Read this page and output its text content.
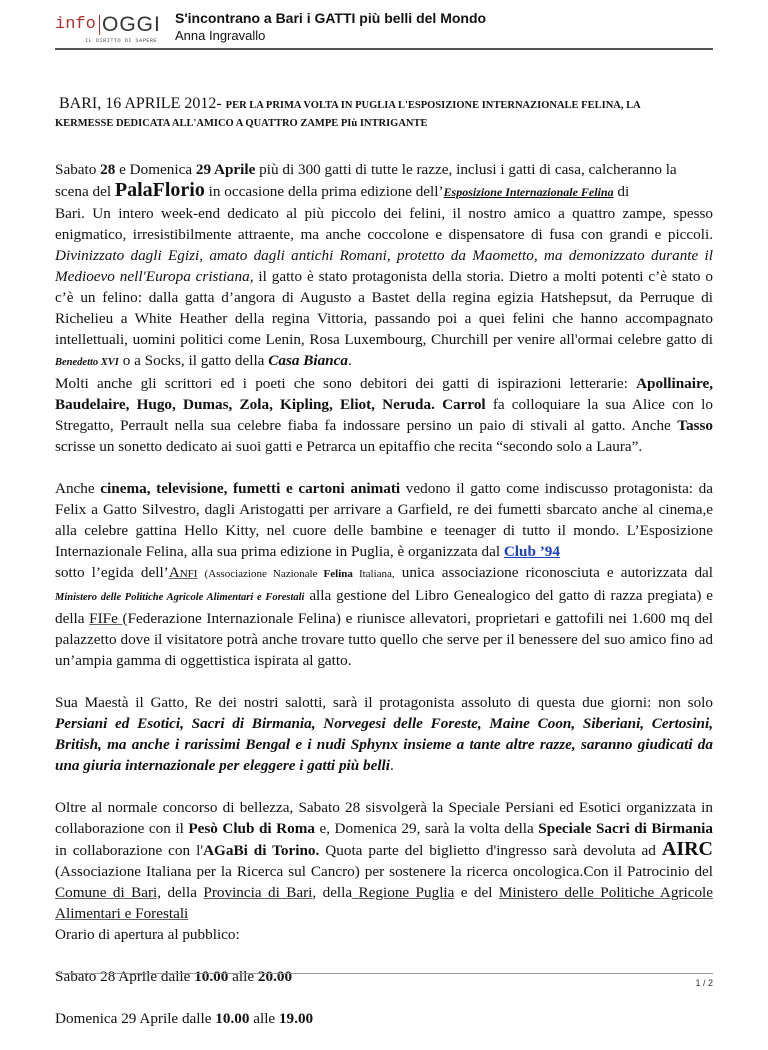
info OGGI
IL DIRITTO DI SAPERE
S'incontrano a Bari i GATTI più belli del Mondo
Anna Ingravallo
BARI, 16 APRILE 2012- PER LA PRIMA VOLTA IN PUGLIA L'ESPOSIZIONE INTERNAZIONALE FELINA, LA
KERMESSE DEDICATA ALL'AMICO A QUATTRO ZAMPE PIù INTRIGANTE

Sabato 28 e Domenica 29 Aprile più di 300 gatti di tutte le razze, inclusi i gatti di casa, calcheranno la
scena del PalaFlorio in occasione della prima edizione dell’Esposizione Internazionale Felina di
Bari. Un intero week-end dedicato al più piccolo dei felini, il nostro amico a quattro zampe, spesso enigmatico, irresistibilmente attraente, ma anche coccolone e dispensatore di fusa con grandi e piccoli. Divinizzato dagli Egizi, amato dagli antichi Romani, protetto da Maometto, ma demonizzato durante il Medioevo nell'Europa cristiana, il gatto è stato protagonista della storia. Dietro a molti potenti c’è stato o c’è un felino: dalla gatta d’angora di Augusto a Bastet della regina egizia Hatshepsut, da Perruque di Richelieu a White Heather della regina Vittoria, passando poi a quei felini che hanno accompagnato intellettuali, uomini politici come Lenin, Rosa Luxembourg, Churchill per venire all'ormai celebre gatto di Benedetto XVI o a Socks, il gatto della Casa Bianca.
Molti anche gli scrittori ed i poeti che sono debitori dei gatti di ispirazioni letterarie: Apollinaire, Baudelaire, Hugo, Dumas, Zola, Kipling, Eliot, Neruda. Carrol fa colloquiare la sua Alice con lo Stregatto, Perrault nella sua celebre fiaba fa indossare persino un paio di stivali al gatto. Anche Tasso scrisse un sonetto dedicato ai suoi gatti e Petrarca un epitaffio che recita “secondo solo a Laura”.

Anche cinema, televisione, fumetti e cartoni animati vedono il gatto come indiscusso protagonista: da Felix a Gatto Silvestro, dagli Aristogatti per arrivare a Garfield, re dei fumetti sbarcato anche al cinema,e alla celebre gattina Hello Kitty, nel cuore delle bambine e teenager di tutto il mondo. L’Esposizione Internazionale Felina, alla sua prima edizione in Puglia, è organizzata dal Club ’94
sotto l’egida dell’Anfi (Associazione Nazionale Felina Italiana, unica associazione riconosciuta e autorizzata dal Ministero delle Politiche Agricole Alimentari e Forestali alla gestione del Libro Genealogico del gatto di razza pregiata) e della FIFe (Federazione Internazionale Felina) e riunisce allevatori, proprietari e gattofili nei 1.600 mq del palazzetto dove il visitatore potrà anche trovare tutto quello che serve per il benessere del suo amico fino ad un’ampia gamma di oggettistica ispirata al gatto.

Sua Maestà il Gatto, Re dei nostri salotti, sarà il protagonista assoluto di questa due giorni: non solo Persiani ed Esotici, Sacri di Birmania, Norvegesi delle Foreste, Maine Coon, Siberiani, Certosini, British, ma anche i rarissimi Bengal e i nudi Sphynx insieme a tante altre razze, saranno giudicati da una giuria internazionale per eleggere i gatti più belli.

Oltre al normale concorso di bellezza, Sabato 28 sisvolgerà la Speciale Persiani ed Esotici organizzata in collaborazione con il Pesò Club di Roma e, Domenica 29, sarà la volta della Speciale Sacri di Birmania in collaborazione con l'AGaBi di Torino. Quota parte del biglietto d'ingresso sarà devoluta ad AIRC (Associazione Italiana per la Ricerca sul Cancro) per sostenere la ricerca oncologica.Con il Patrocinio del Comune di Bari, della Provincia di Bari, della Regione Puglia e del Ministero delle Politiche Agricole Alimentari e Forestali
Orario di apertura al pubblico:

Sabato 28 Aprile dalle 10.00 alle 20.00

Domenica 29 Aprile dalle 10.00 alle 19.00

1 / 2
